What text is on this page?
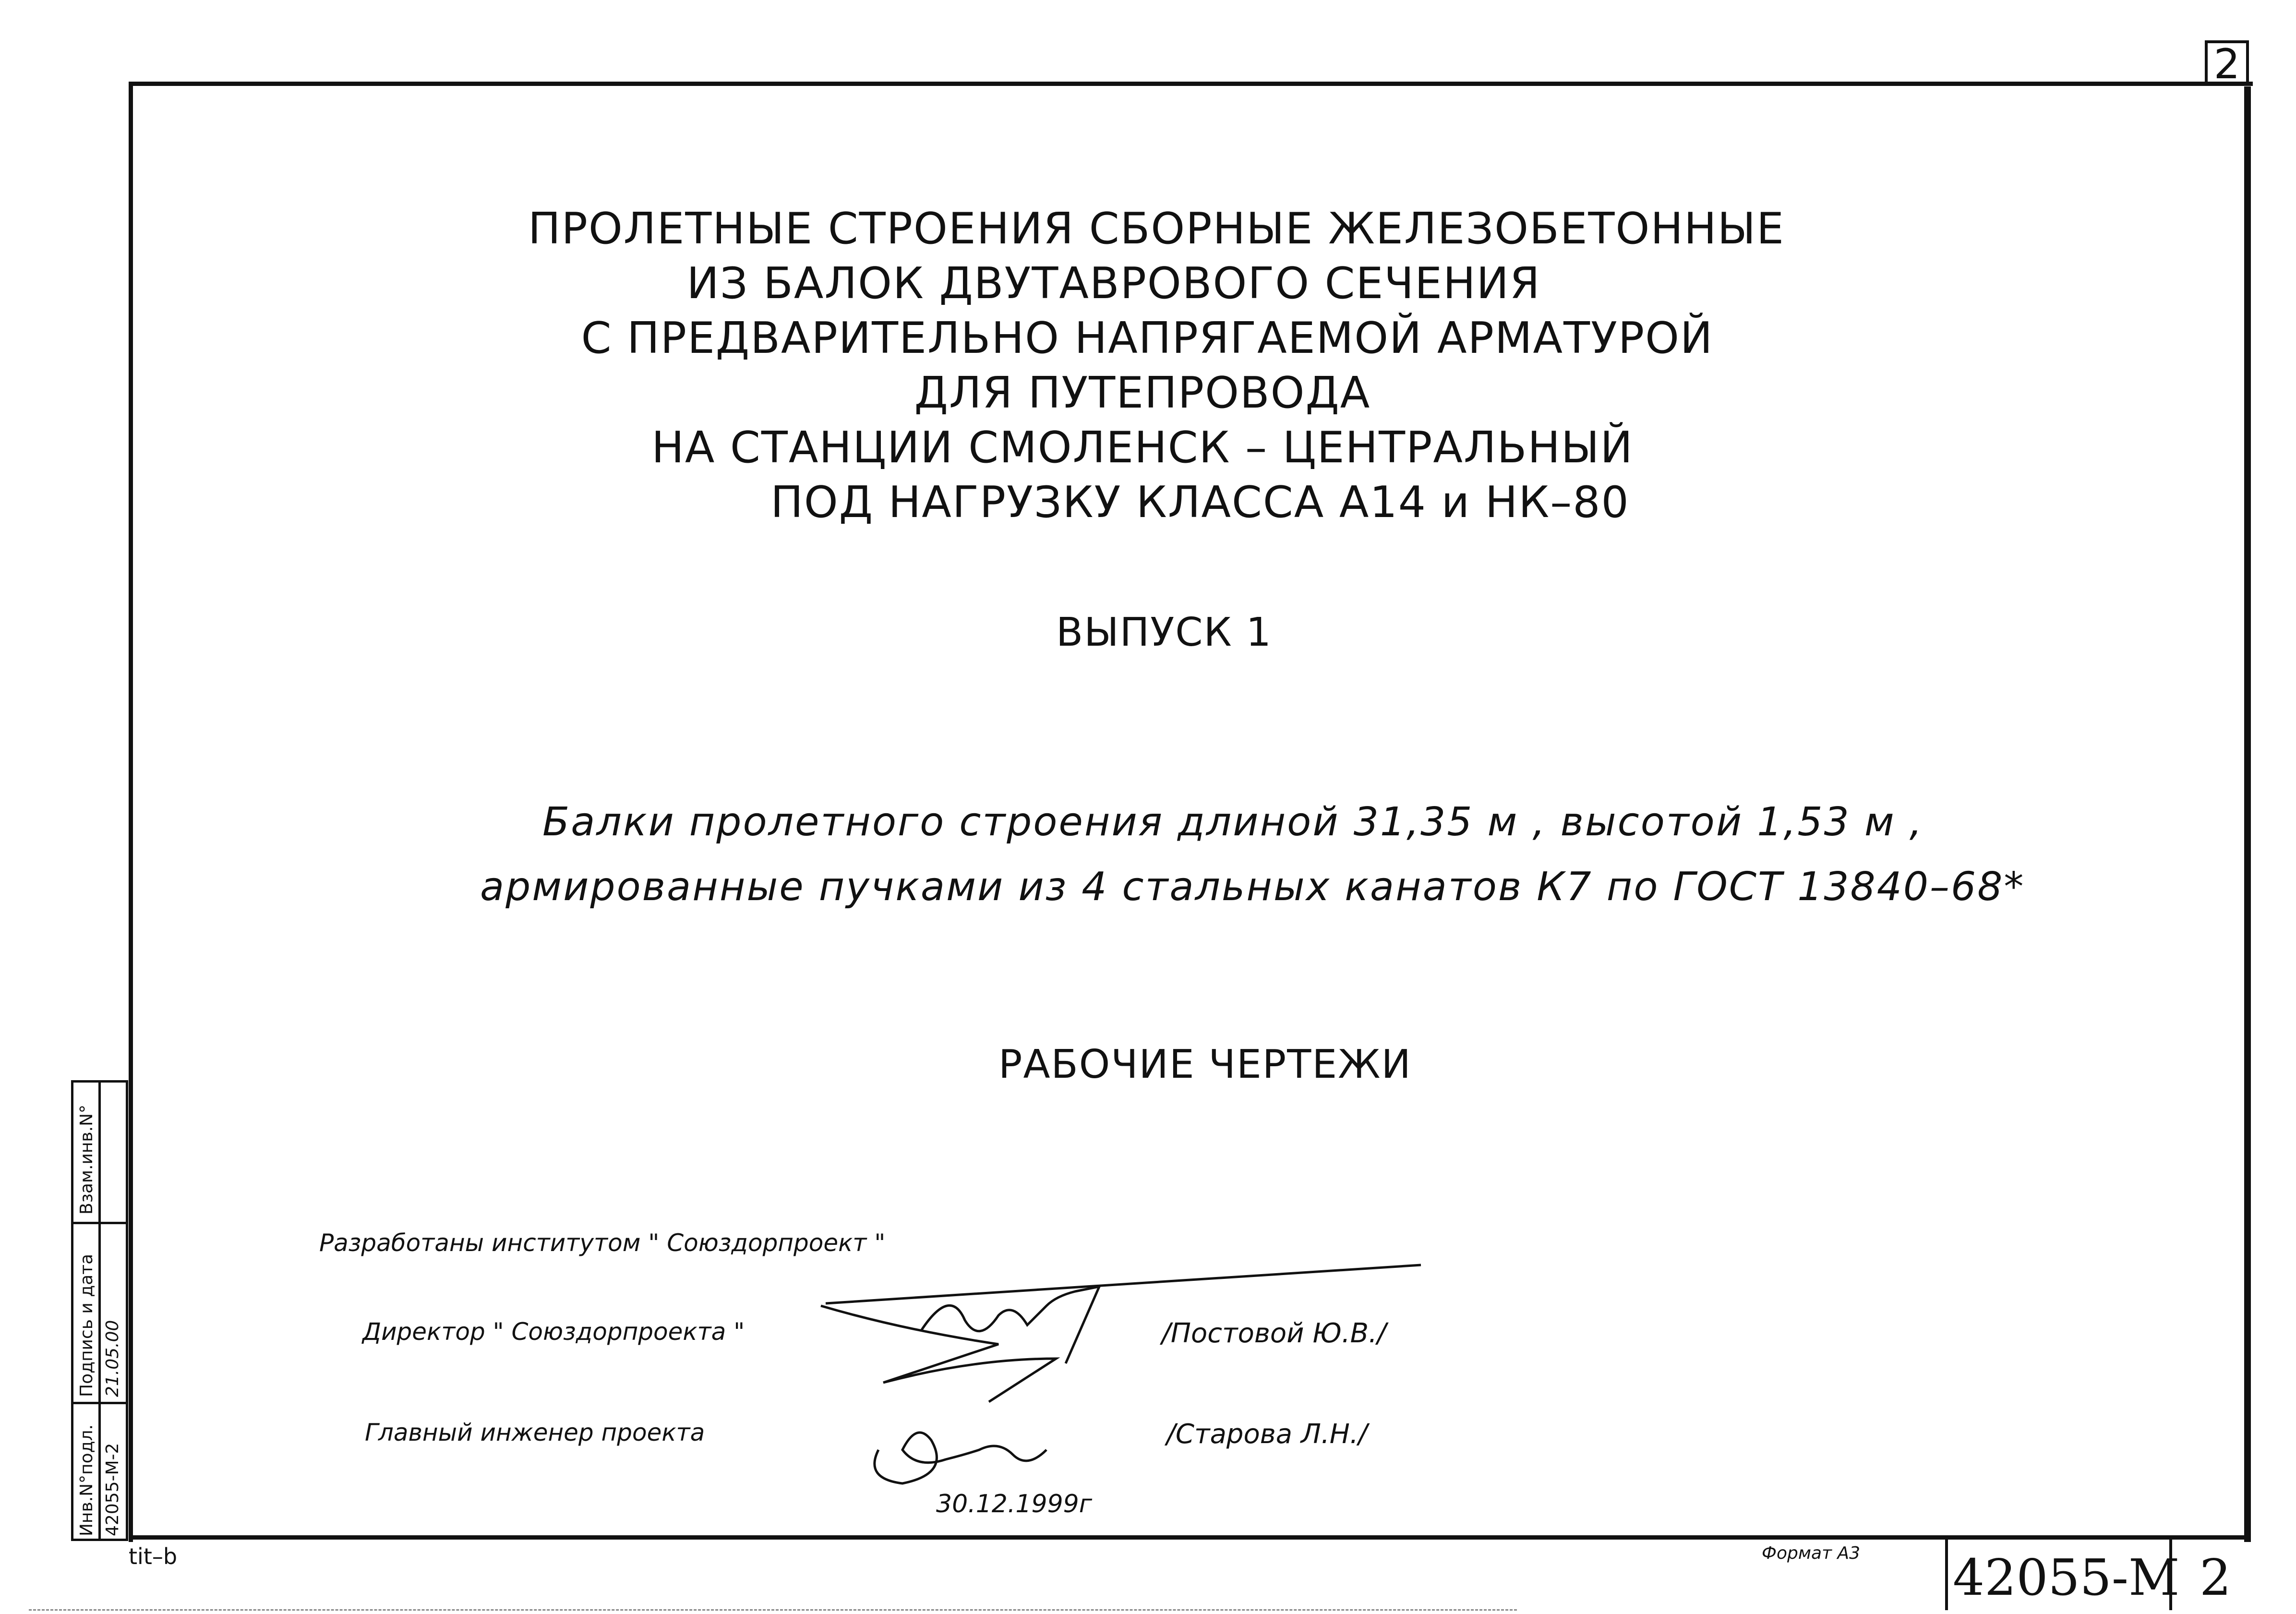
2
ПРОЛЕТНЫЕ СТРОЕНИЯ СБОРНЫЕ ЖЕЛЕЗОБЕТОННЫЕ
ИЗ БАЛОК ДВУТАВРОВОГО СЕЧЕНИЯ
С ПРЕДВАРИТЕЛЬНО НАПРЯГАЕМОЙ АРМАТУРОЙ
ДЛЯ ПУТЕПРОВОДА
НА СТАНЦИИ СМОЛЕНСК – ЦЕНТРАЛЬНЫЙ
ПОД НАГРУЗКУ КЛАССА А14 и НК–80
ВЫПУСК 1
Балки пролетного строения длиной 31,35 м , высотой 1,53 м ,
армированные пучками из 4 стальных канатов К7 по ГОСТ 13840–68*
РАБОЧИЕ ЧЕРТЕЖИ
Разработаны институтом " Союздорпроект "
Директор " Союздорпроекта "
Главный инженер проекта
/Постовой Ю.В./
/Старова Л.Н./
30.12.1999г
Взам.инв.N°
Подпись и дата
Инв.N°подл.
21.05.00
42055-М-2
tit–b	Формат А3 42055-М 2
